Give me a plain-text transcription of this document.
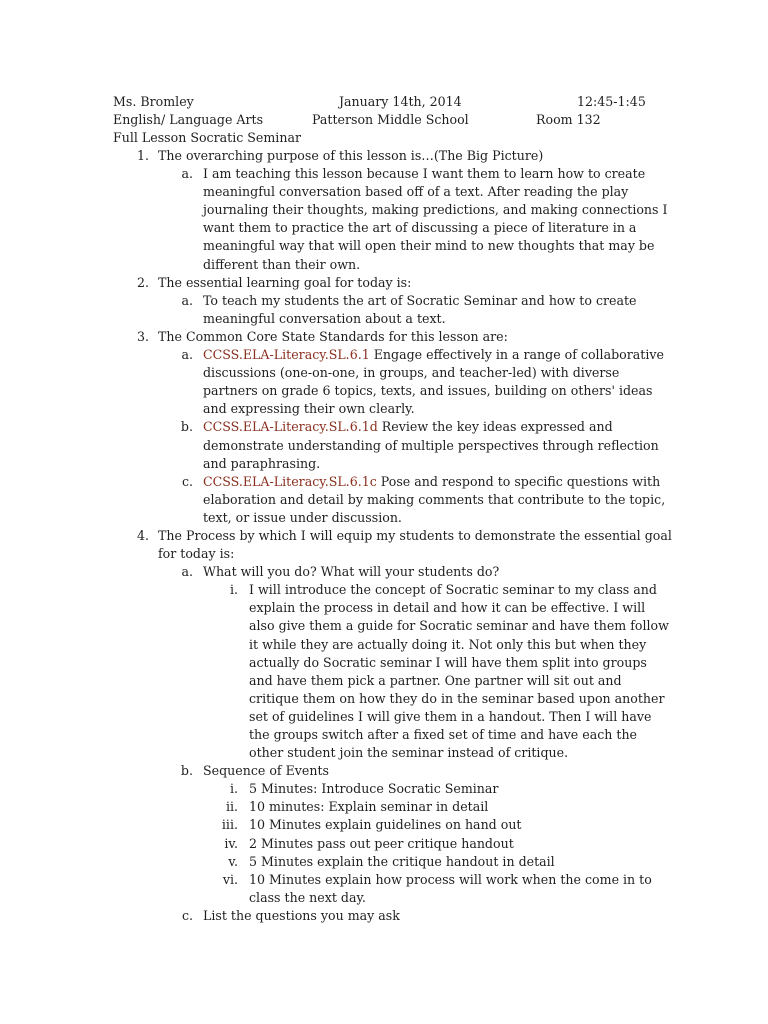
Ms. Bromley	January 14th, 2014	12:45-1:45
English/ Language Arts	Patterson Middle School	Room 132
Full Lesson Socratic Seminar
1. The overarching purpose of this lesson is…(The Big Picture)
a. I am teaching this lesson because I want them to learn how to create meaningful conversation based off of a text. After reading the play journaling their thoughts, making predictions, and making connections I want them to practice the art of discussing a piece of literature in a meaningful way that will open their mind to new thoughts that may be different than their own.
2. The essential learning goal for today is:
a. To teach my students the art of Socratic Seminar and how to create meaningful conversation about a text.
3. The Common Core State Standards for this lesson are:
a. CCSS.ELA-Literacy.SL.6.1 Engage effectively in a range of collaborative discussions (one-on-one, in groups, and teacher-led) with diverse partners on grade 6 topics, texts, and issues, building on others' ideas and expressing their own clearly.
b. CCSS.ELA-Literacy.SL.6.1d Review the key ideas expressed and demonstrate understanding of multiple perspectives through reflection and paraphrasing.
c. CCSS.ELA-Literacy.SL.6.1c Pose and respond to specific questions with elaboration and detail by making comments that contribute to the topic, text, or issue under discussion.
4. The Process by which I will equip my students to demonstrate the essential goal for today is:
a. What will you do? What will your students do?
i. I will introduce the concept of Socratic seminar to my class and explain the process in detail and how it can be effective. I will also give them a guide for Socratic seminar and have them follow it while they are actually doing it. Not only this but when they actually do Socratic seminar I will have them split into groups and have them pick a partner. One partner will sit out and critique them on how they do in the seminar based upon another set of guidelines I will give them in a handout. Then I will have the groups switch after a fixed set of time and have each the other student join the seminar instead of critique.
b. Sequence of Events
i. 5 Minutes: Introduce Socratic Seminar
ii. 10 minutes: Explain seminar in detail
iii. 10 Minutes explain guidelines on hand out
iv. 2 Minutes pass out peer critique handout
v. 5 Minutes explain the critique handout in detail
vi. 10 Minutes explain how process will work when the come in to class the next day.
c. List the questions you may ask
